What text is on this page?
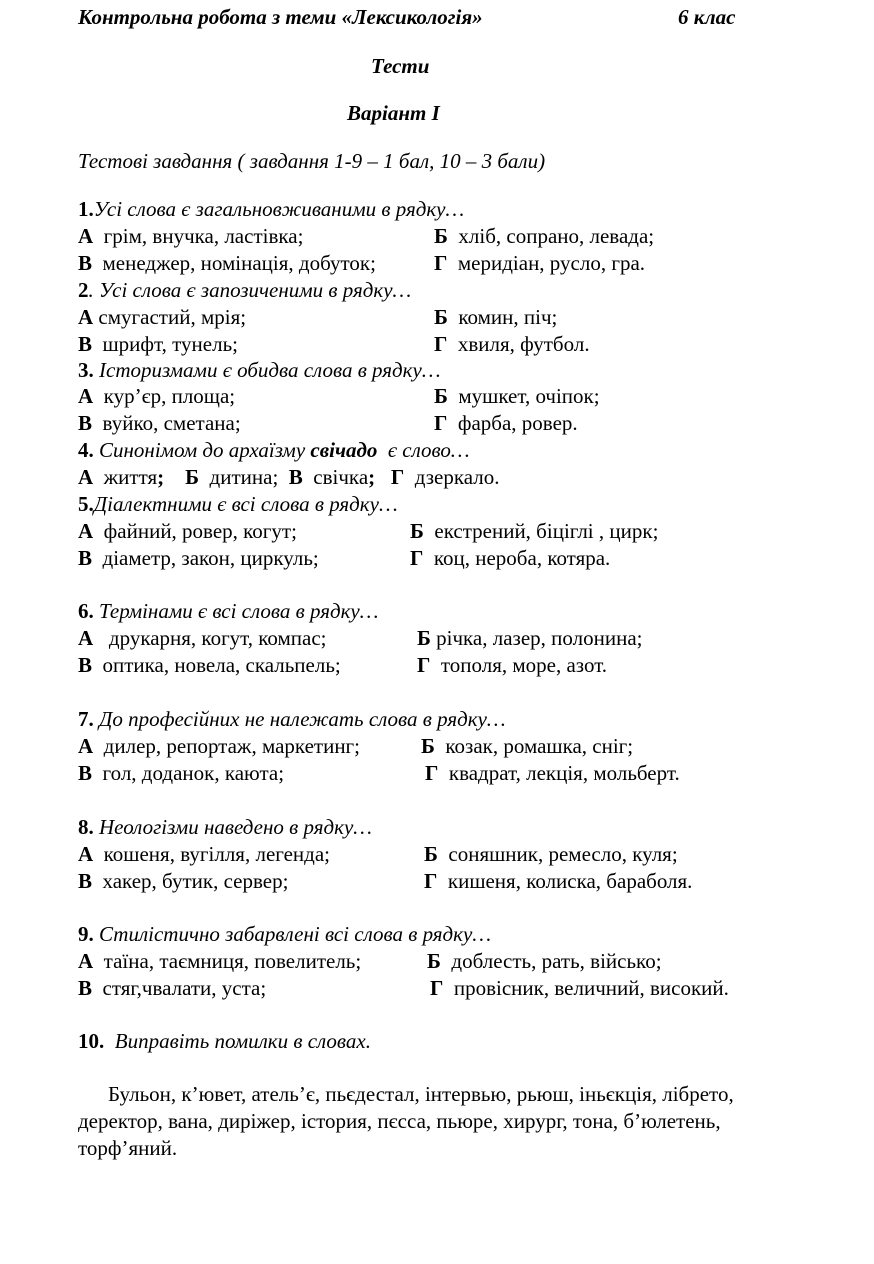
Контрольна робота з теми «Лексикологія»	6 клас
Тести
Варіант І
Тестові завдання ( завдання 1-9 – 1 бал, 10 – 3 бали)
1.Усі слова є загальновживаними в рядку…
А грім, внучка, ластівка;	Б хліб, сопрано, левада;
В менеджер, номінація, добуток;	Г меридіан, русло, гра.
2. Усі слова є запозиченими в рядку…
А смугастий, мрія;	Б комин, піч;
В шрифт, тунель;	Г хвиля, футбол.
3. Історизмами є обидва слова в рядку…
А кур’єр, площа;	Б мушкет, очіпок;
В вуйко, сметана;	Г фарба, ровер.
4. Синонімом до архаїзму свічадо є слово…
А життя; Б дитина; В свічка; Г дзеркало.
5.Діалектними є всі слова в рядку…
А файний, ровер, когут;	Б екстрений, біціглі , цирк;
В діаметр, закон, циркуль;	Г коц, нероба, котяра.
6. Термінами є всі слова в рядку…
А друкарня, когут, компас;	Б річка, лазер, полонина;
В оптика, новела, скальпель;	Г тополя, море, азот.
7. До професійних не належать слова в рядку…
А дилер, репортаж, маркетинг;	Б козак, ромашка, сніг;
В гол, доданок, каюта;	Г квадрат, лекція, мольберт.
8. Неологізми наведено в рядку…
А кошеня, вугілля, легенда;	Б соняшник, ремесло, куля;
В хакер, бутик, сервер;	Г кишеня, колиска, бараболя.
9. Стилістично забарвлені всі слова в рядку…
А таїна, таємниця, повелитель;	Б доблесть, рать, військо;
В стяг,чвалати, уста;	Г провісник, величний, високий.
10. Виправіть помилки в словах.
Бульон, к’ювет, атель’є, пьєдестал, інтервью, рьюш, іньєкція, лібрето, деректор, вана, диріжер, істория, пєсса, пьюре, хирург, тона, б’юлетень, торф’яний.
